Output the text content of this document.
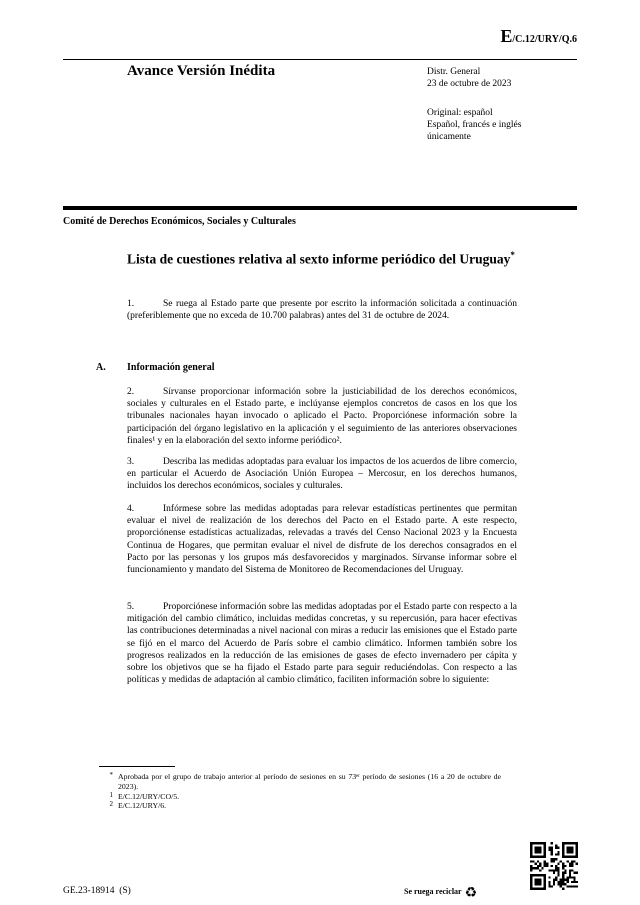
E/C.12/URY/Q.6
Avance Versión Inédita	Distr. General
23 de octubre de 2023
Original: español
Español, francés e inglés
únicamente
Comité de Derechos Económicos, Sociales y Culturales
Lista de cuestiones relativa al sexto informe periódico del Uruguay*
1.	Se ruega al Estado parte que presente por escrito la información solicitada a continuación (preferiblemente que no exceda de 10.700 palabras) antes del 31 de octubre de 2024.
A. Información general
2.	Sírvanse proporcionar información sobre la justiciabilidad de los derechos económicos, sociales y culturales en el Estado parte, e inclúyanse ejemplos concretos de casos en los que los tribunales nacionales hayan invocado o aplicado el Pacto. Proporciónese información sobre la participación del órgano legislativo en la aplicación y el seguimiento de las anteriores observaciones finales¹ y en la elaboración del sexto informe periódico².
3.	Describa las medidas adoptadas para evaluar los impactos de los acuerdos de libre comercio, en particular el Acuerdo de Asociación Unión Europea – Mercosur, en los derechos humanos, incluidos los derechos económicos, sociales y culturales.
4.	Infórmese sobre las medidas adoptadas para relevar estadísticas pertinentes que permitan evaluar el nivel de realización de los derechos del Pacto en el Estado parte. A este respecto, proporciónense estadísticas actualizadas, relevadas a través del Censo Nacional 2023 y la Encuesta Continua de Hogares, que permitan evaluar el nivel de disfrute de los derechos consagrados en el Pacto por las personas y los grupos más desfavorecidos y marginados. Sírvanse informar sobre el funcionamiento y mandato del Sistema de Monitoreo de Recomendaciones del Uruguay.
5.	Proporciónese información sobre las medidas adoptadas por el Estado parte con respecto a la mitigación del cambio climático, incluidas medidas concretas, y su repercusión, para hacer efectivas las contribuciones determinadas a nivel nacional con miras a reducir las emisiones que el Estado parte se fijó en el marco del Acuerdo de París sobre el cambio climático. Informen también sobre los progresos realizados en la reducción de las emisiones de gases de efecto invernadero per cápita y sobre los objetivos que se ha fijado el Estado parte para seguir reduciéndolas. Con respecto a las políticas y medidas de adaptación al cambio climático, faciliten información sobre lo siguiente:
* Aprobada por el grupo de trabajo anterior al período de sesiones en su 73ᵉʳ período de sesiones (16 a 20 de octubre de 2023).
1 E/C.12/URY/CO/5.
2 E/C.12/URY/6.
GE.23-18914  (S)	Se ruega reciclar ♻
